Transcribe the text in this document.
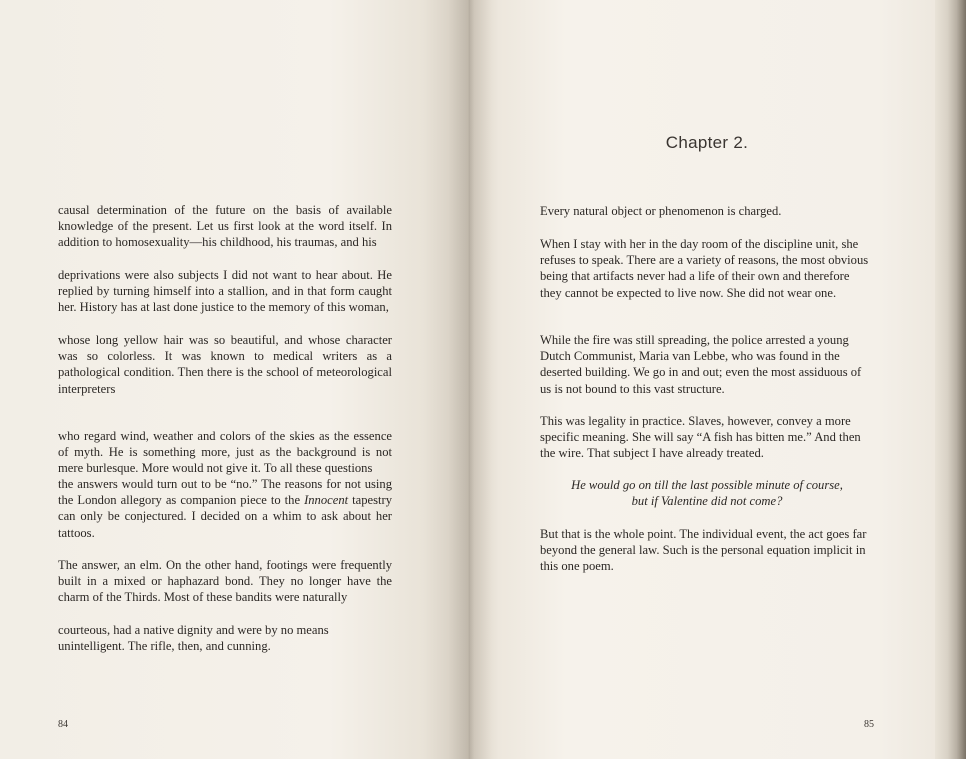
causal determination of the future on the basis of available knowledge of the present. Let us first look at the word itself. In addition to homosexuality—his childhood, his traumas, and his

deprivations were also subjects I did not want to hear about. He replied by turning himself into a stallion, and in that form caught her. History has at last done justice to the memory of this woman,

whose long yellow hair was so beautiful, and whose character was so colorless. It was known to medical writers as a pathological condition. Then there is the school of meteorological interpreters

who regard wind, weather and colors of the skies as the essence of myth. He is something more, just as the background is not mere burlesque. More would not give it. To all these questions

the answers would turn out to be “no.” The reasons for not using the London allegory as companion piece to the Innocent tapestry can only be conjectured. I decided on a whim to ask about her tattoos.

The answer, an elm. On the other hand, footings were frequently built in a mixed or haphazard bond. They no longer have the charm of the Thirds. Most of these bandits were naturally

courteous, had a native dignity and were by no means unintelligent. The rifle, then, and cunning.

84
Chapter 2.

Every natural object or phenomenon is charged.

When I stay with her in the day room of the discipline unit, she refuses to speak. There are a variety of reasons, the most obvious being that artifacts never had a life of their own and therefore they cannot be expected to live now. She did not wear one.

While the fire was still spreading, the police arrested a young Dutch Communist, Maria van Lebbe, who was found in the deserted building. We go in and out; even the most assiduous of us is not bound to this vast structure.

This was legality in practice. Slaves, however, convey a more specific meaning. She will say “A fish has bitten me.” And then the wire. That subject I have already treated.

He would go on till the last possible minute of course,
but if Valentine did not come?

But that is the whole point. The individual event, the act goes far beyond the general law. Such is the personal equation implicit in this one poem.

85
